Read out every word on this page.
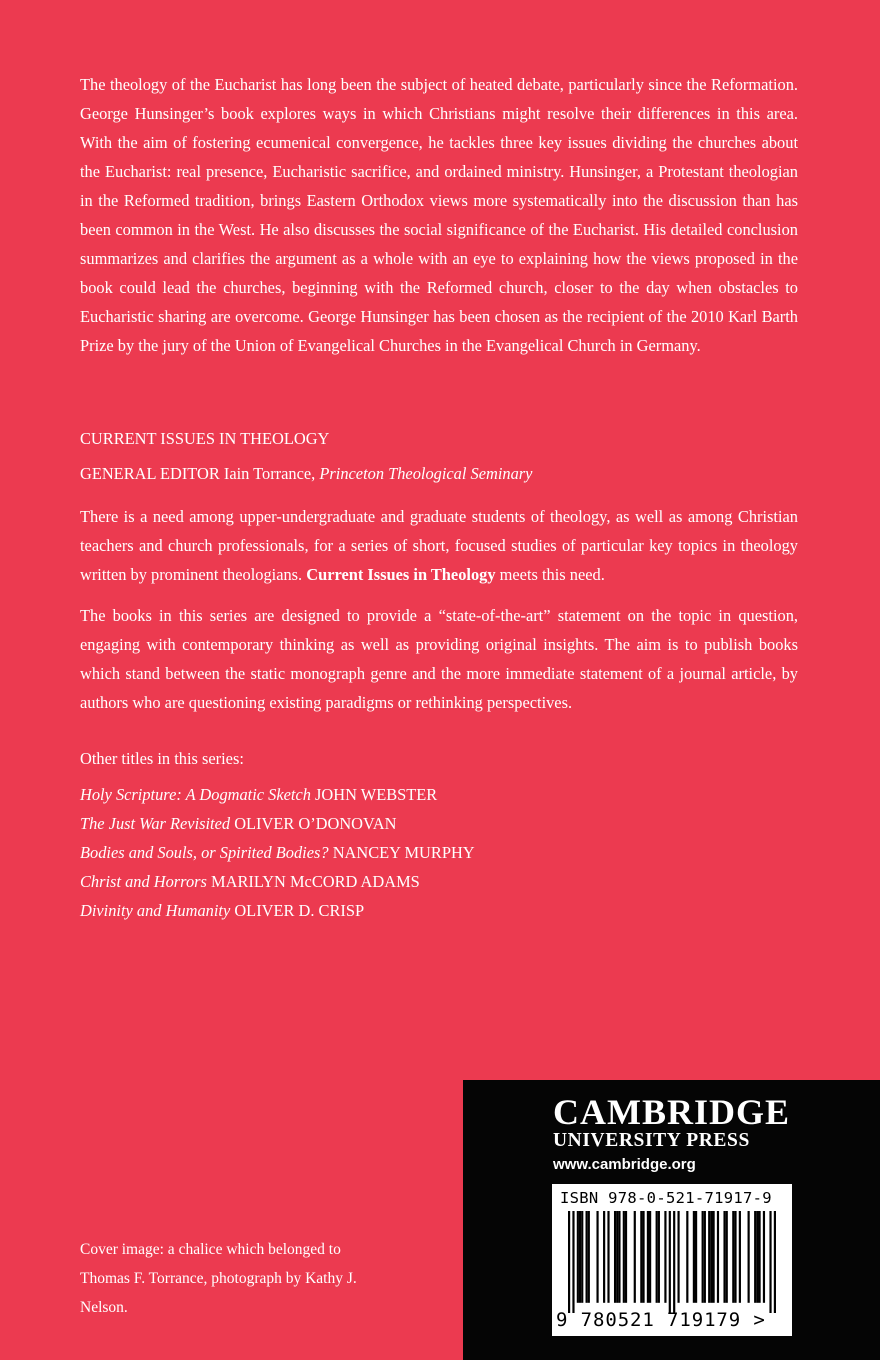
The theology of the Eucharist has long been the subject of heated debate, particularly since the Reformation. George Hunsinger’s book explores ways in which Christians might resolve their differences in this area. With the aim of fostering ecumenical convergence, he tackles three key issues dividing the churches about the Eucharist: real presence, Eucharistic sacrifice, and ordained ministry. Hunsinger, a Protestant theologian in the Reformed tradition, brings Eastern Orthodox views more systematically into the discussion than has been common in the West. He also discusses the social significance of the Eucharist. His detailed conclusion summarizes and clarifies the argument as a whole with an eye to explaining how the views proposed in the book could lead the churches, beginning with the Reformed church, closer to the day when obstacles to Eucharistic sharing are overcome. George Hunsinger has been chosen as the recipient of the 2010 Karl Barth Prize by the jury of the Union of Evangelical Churches in the Evangelical Church in Germany.

CURRENT ISSUES IN THEOLOGY

GENERAL EDITOR Iain Torrance, Princeton Theological Seminary

There is a need among upper-undergraduate and graduate students of theology, as well as among Christian teachers and church professionals, for a series of short, focused studies of particular key topics in theology written by prominent theologians. Current Issues in Theology meets this need.

The books in this series are designed to provide a “state-of-the-art” statement on the topic in question, engaging with contemporary thinking as well as providing original insights. The aim is to publish books which stand between the static monograph genre and the more immediate statement of a journal article, by authors who are questioning existing paradigms or rethinking perspectives.

Other titles in this series:

Holy Scripture: A Dogmatic Sketch JOHN WEBSTER
The Just War Revisited OLIVER O’DONOVAN
Bodies and Souls, or Spirited Bodies? NANCEY MURPHY
Christ and Horrors MARILYN McCORD ADAMS
Divinity and Humanity OLIVER D. CRISP

Cover image: a chalice which belonged to Thomas F. Torrance, photograph by Kathy J. Nelson.

CAMBRIDGE

UNIVERSITY PRESS

www.cambridge.org

ISBN 978-0-521-71917-9

9 780521 719179 >
